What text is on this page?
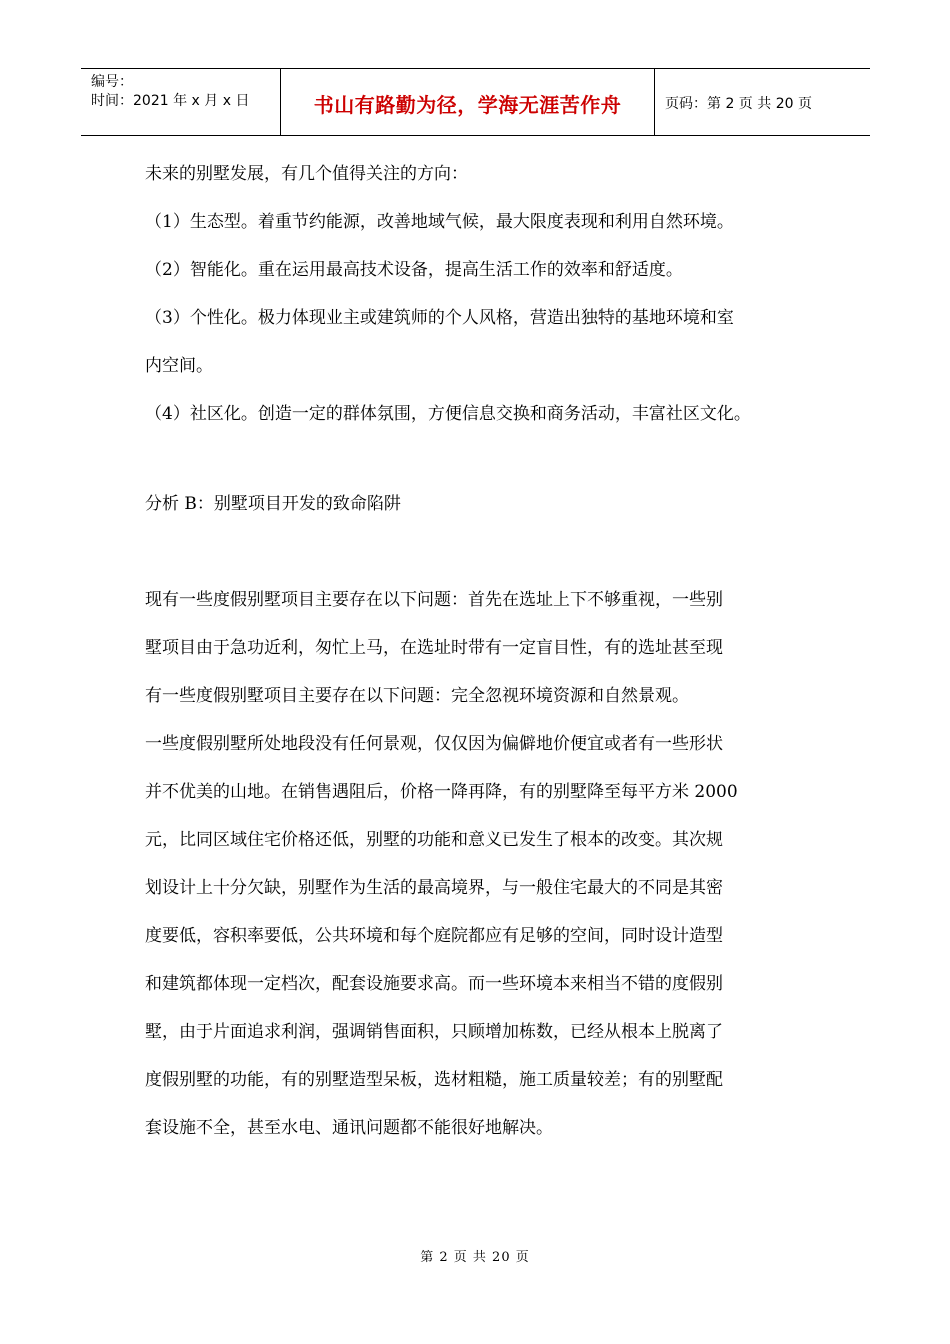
编号：
时间：2021 年 x 月 x 日	书山有路勤为径，学海无涯苦作舟	页码：第 2 页 共 20 页
未来的别墅发展，有几个值得关注的方向：
（1）生态型。着重节约能源，改善地域气候，最大限度表现和利用自然环境。
（2）智能化。重在运用最高技术设备，提高生活工作的效率和舒适度。
（3）个性化。极力体现业主或建筑师的个人风格，营造出独特的基地环境和室
内空间。
（4）社区化。创造一定的群体氛围，方便信息交换和商务活动，丰富社区文化。
分析 B：别墅项目开发的致命陷阱
现有一些度假别墅项目主要存在以下问题：首先在选址上下不够重视，一些别
墅项目由于急功近利，匆忙上马，在选址时带有一定盲目性，有的选址甚至现
有一些度假别墅项目主要存在以下问题：完全忽视环境资源和自然景观。
一些度假别墅所处地段没有任何景观，仅仅因为偏僻地价便宜或者有一些形状
并不优美的山地。在销售遇阻后，价格一降再降，有的别墅降至每平方米 2000
元，比同区域住宅价格还低，别墅的功能和意义已发生了根本的改变。其次规
划设计上十分欠缺，别墅作为生活的最高境界，与一般住宅最大的不同是其密
度要低，容积率要低，公共环境和每个庭院都应有足够的空间，同时设计造型
和建筑都体现一定档次，配套设施要求高。而一些环境本来相当不错的度假别
墅，由于片面追求利润，强调销售面积，只顾增加栋数，已经从根本上脱离了
度假别墅的功能，有的别墅造型呆板，选材粗糙，施工质量较差；有的别墅配
套设施不全，甚至水电、通讯问题都不能很好地解决。
第 2 页 共 20 页
